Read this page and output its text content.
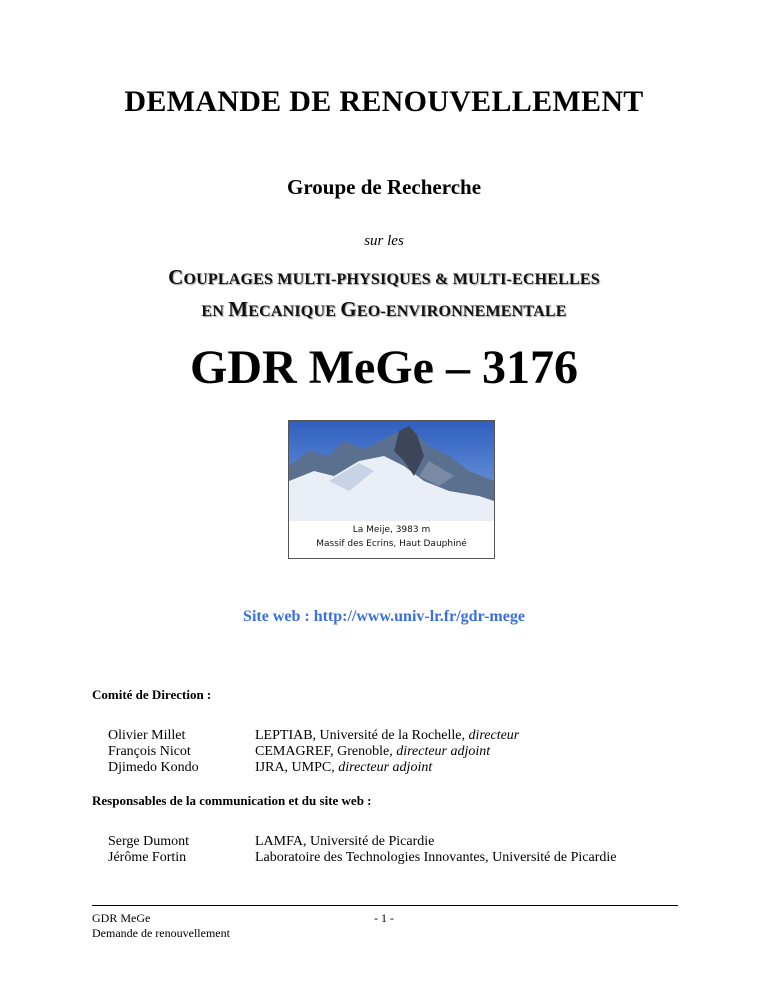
DEMANDE DE RENOUVELLEMENT
Groupe de Recherche
sur les
COUPLAGES MULTI-PHYSIQUES & MULTI-ECHELLES
EN MECANIQUE GEO-ENVIRONNEMENTALE
GDR MeGe – 3176
La Meije, 3983 m
Massif des Ecrins, Haut Dauphiné
Site web : http://www.univ-lr.fr/gdr-mege
Comité de Direction :
Olivier Millet	LEPTIAB, Université de la Rochelle, directeur
François Nicot	CEMAGREF, Grenoble, directeur adjoint
Djimedo Kondo	IJRA, UMPC, directeur adjoint
Responsables de la communication et du site web :
Serge Dumont	LAMFA, Université de Picardie
Jérôme Fortin	Laboratoire des Technologies Innovantes, Université de Picardie
GDR MeGe
Demande de renouvellement
- 1 -
